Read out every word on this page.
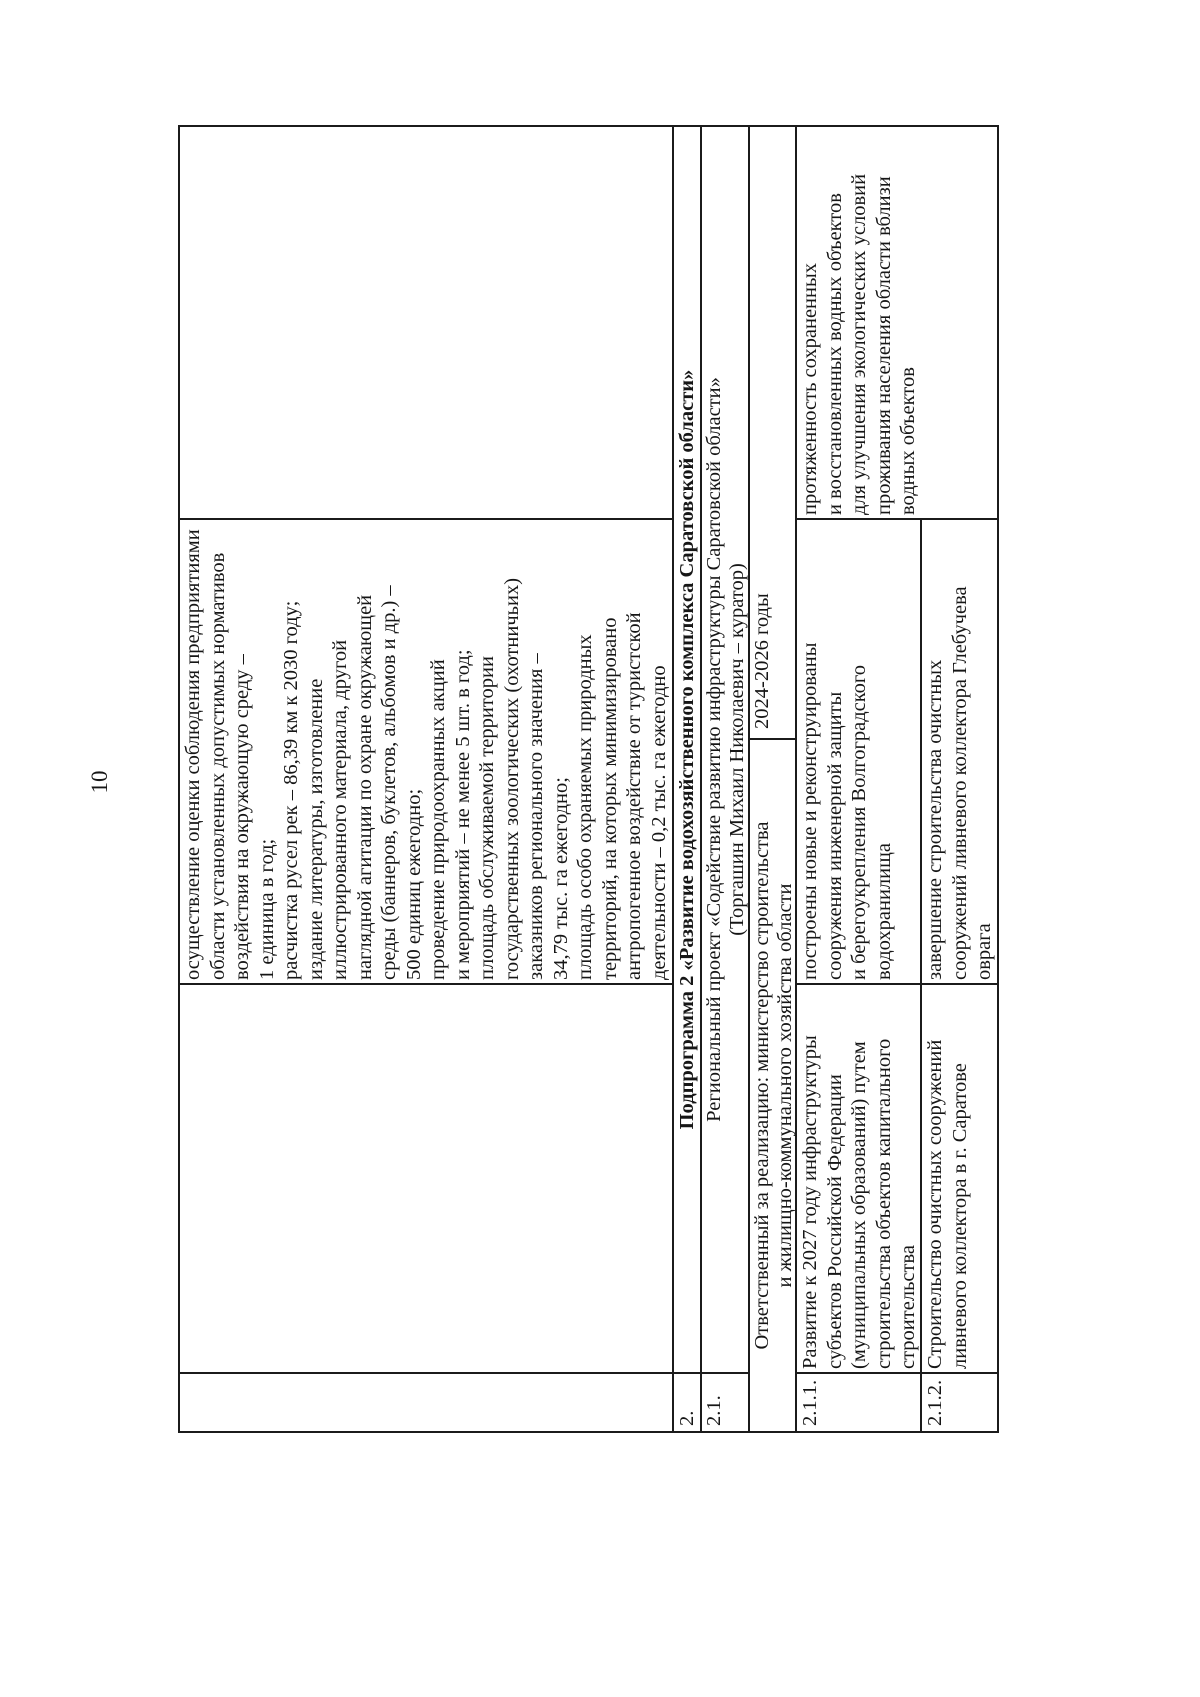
10
осуществление оценки соблюдения предприятиями
области установленных допустимых нормативов
воздействия на окружающую среду –
1 единица в год;
расчистка русел рек – 86,39 км к 2030 году;
издание литературы, изготовление
иллюстрированного материала, другой
наглядной агитации по охране окружающей
среды (баннеров, буклетов, альбомов и др.) –
500 единиц ежегодно;
проведение природоохранных акций
и мероприятий – не менее 5 шт. в год;
площадь обслуживаемой территории
государственных зоологических (охотничьих)
заказников регионального значения –
34,79 тыс. га ежегодно;
площадь особо охраняемых природных
территорий, на которых минимизировано
антропогенное воздействие от туристской
деятельности – 0,2 тыс. га ежегодно
2.
Подпрограмма 2 «Развитие водохозяйственного комплекса Саратовской области»
2.1.
Региональный проект «Содействие развитию инфраструктуры Саратовской области»
(Торгашин Михаил Николаевич – куратор)
Ответственный за реализацию: министерство строительства
и жилищно-коммунального хозяйства области
2024-2026 годы
2.1.1.
Развитие к 2027 году инфраструктуры
субъектов Российской Федерации
(муниципальных образований) путем
строительства объектов капитального
строительства
построены новые и реконструированы
сооружения инженерной защиты
и берегоукрепления Волгоградского
водохранилища
протяженность сохраненных
и восстановленных водных объектов
для улучшения экологических условий
проживания населения области вблизи
водных объектов
2.1.2.
Строительство очистных сооружений
ливневого коллектора в г. Саратове
завершение строительства очистных
сооружений ливневого коллектора Глебучева
оврага
